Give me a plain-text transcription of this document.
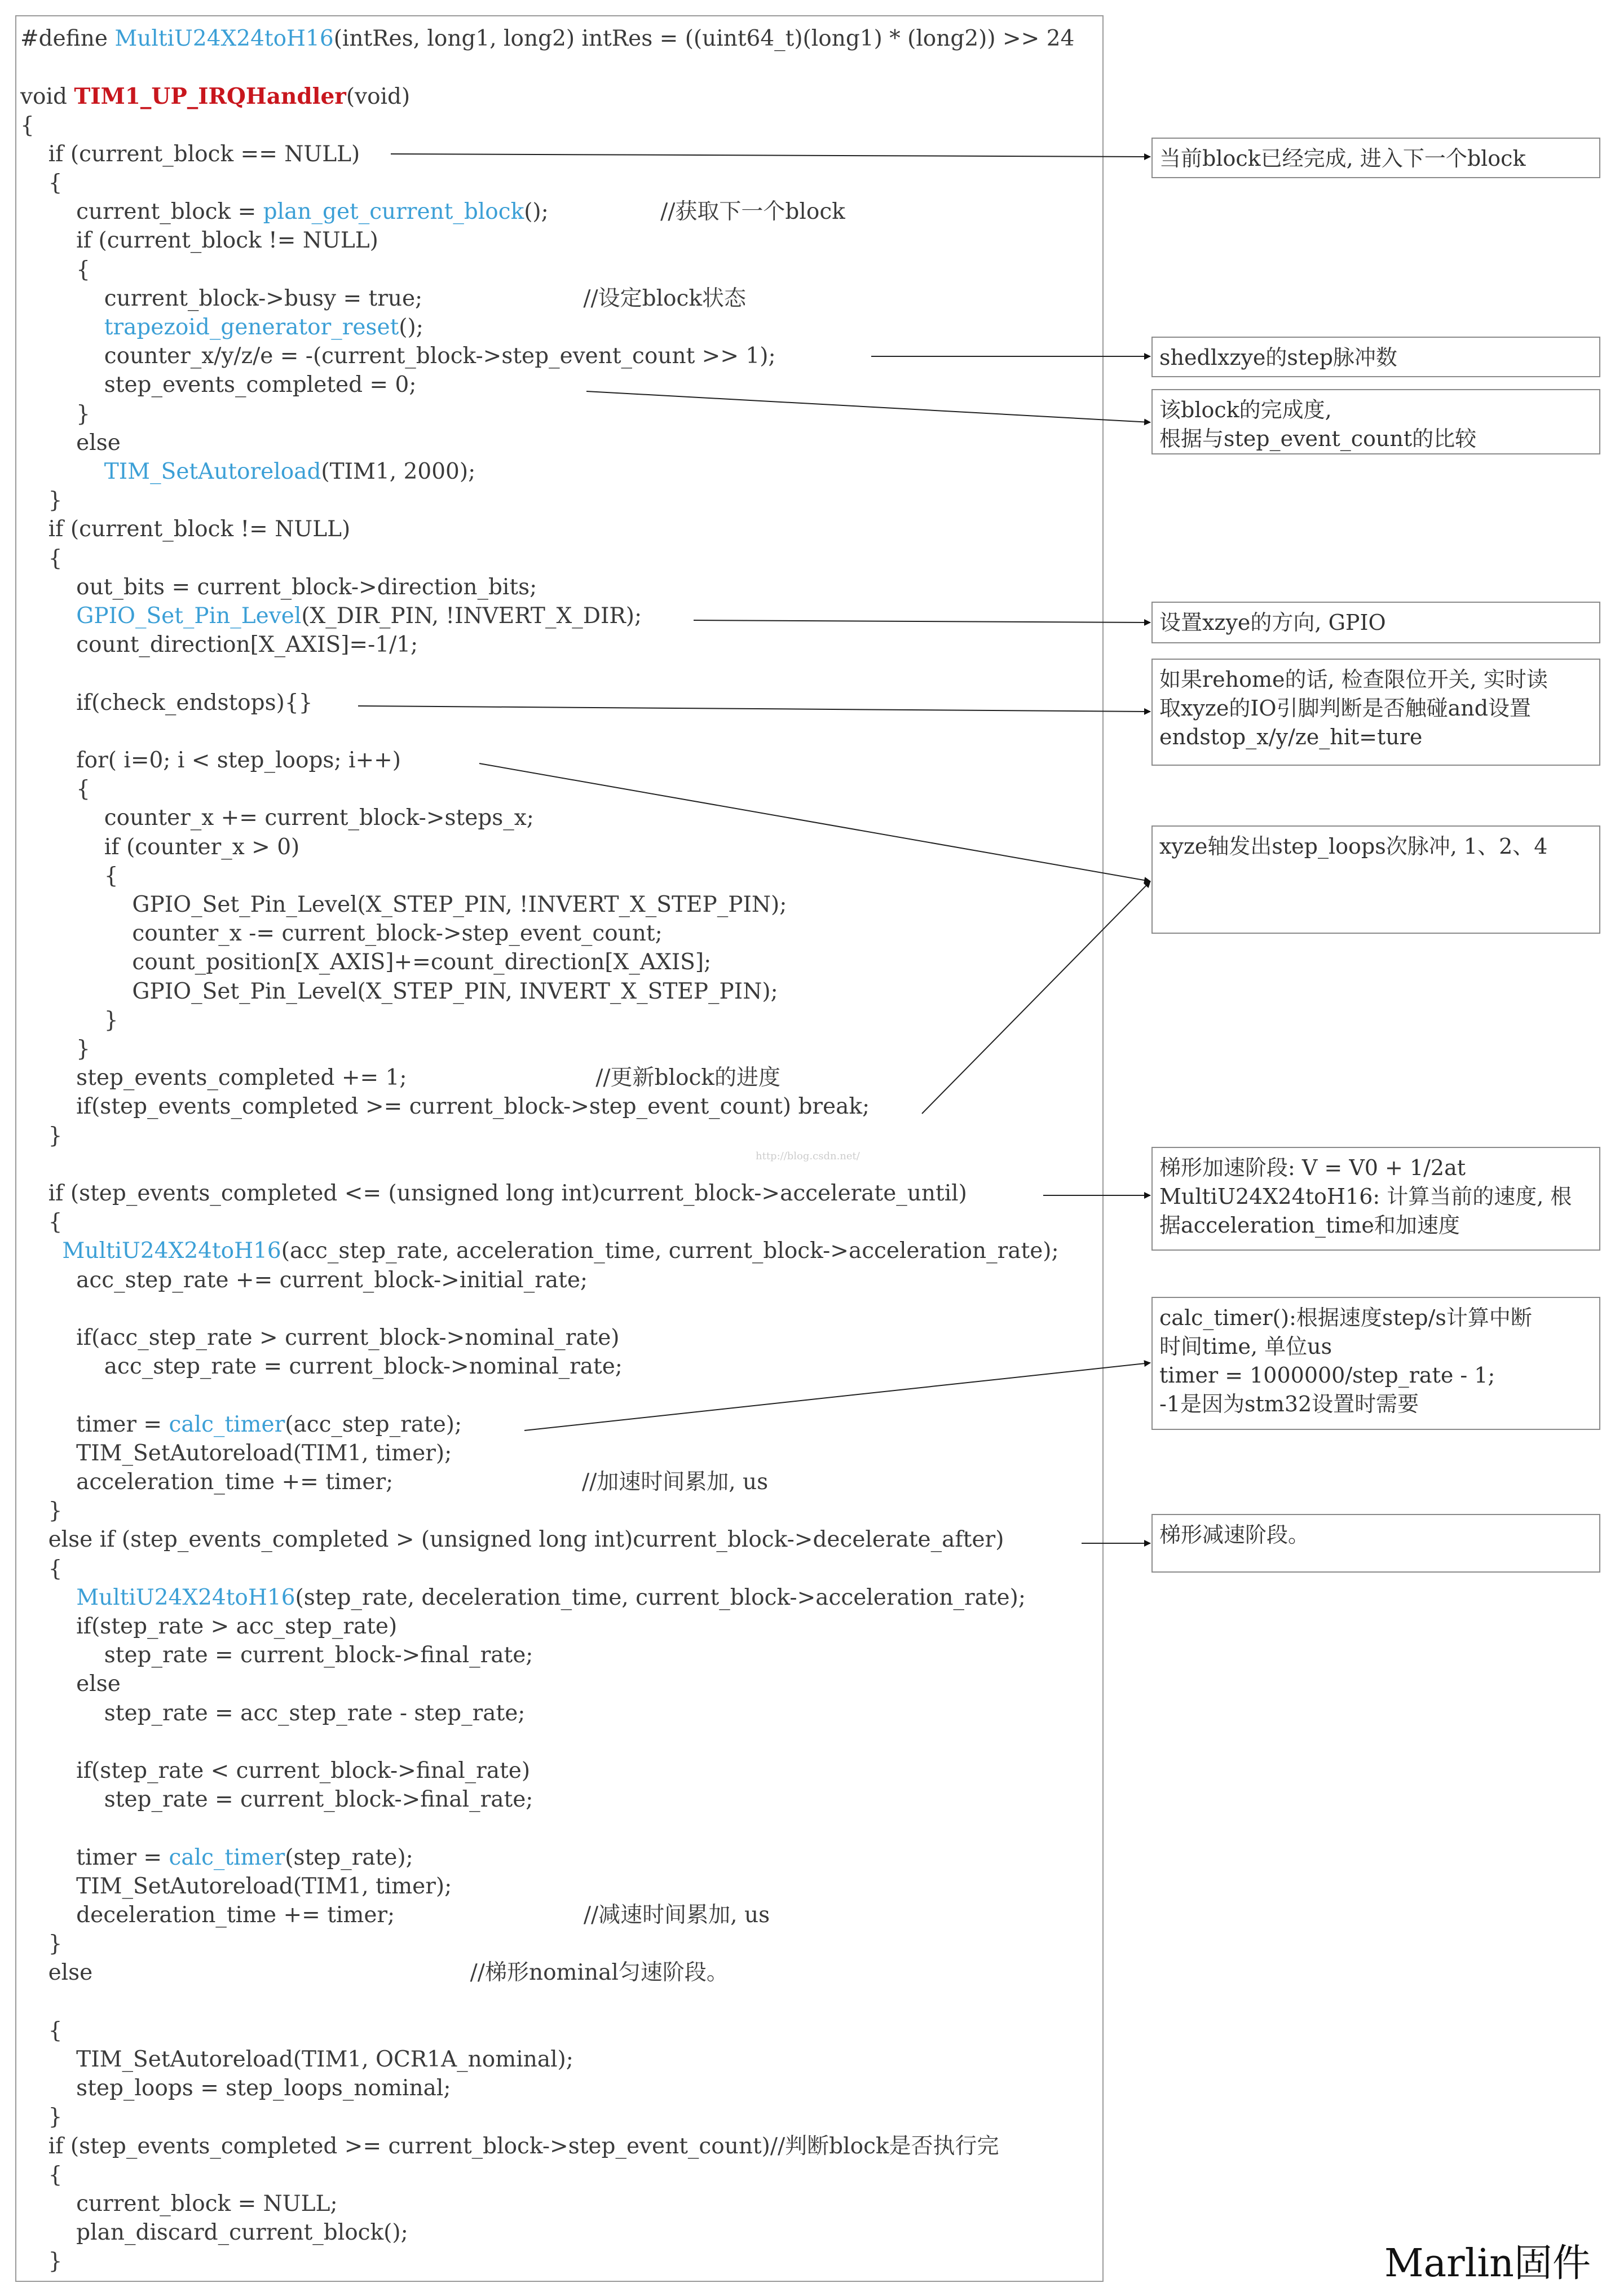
#define MultiU24X24toH16(intRes, long1, long2) intRes = ((uint64_t)(long1) * (long2)) >> 24
void TIM1_UP_IRQHandler(void)
{
if (current_block == NULL)
{
current_block = plan_get_current_block();                //获取下一个block
if (current_block != NULL)
{
current_block->busy = true;                       //设定block状态
trapezoid_generator_reset();
counter_x/y/z/e = -(current_block->step_event_count >> 1);
step_events_completed = 0;
}
else
TIM_SetAutoreload(TIM1, 2000);
}
if (current_block != NULL)
{
out_bits = current_block->direction_bits;
GPIO_Set_Pin_Level(X_DIR_PIN, !INVERT_X_DIR);
count_direction[X_AXIS]=-1/1;
if(check_endstops){}
for( i=0; i < step_loops; i++)
{
counter_x += current_block->steps_x;
if (counter_x > 0)
{
GPIO_Set_Pin_Level(X_STEP_PIN, !INVERT_X_STEP_PIN);
counter_x -= current_block->step_event_count;
count_position[X_AXIS]+=count_direction[X_AXIS];
GPIO_Set_Pin_Level(X_STEP_PIN, INVERT_X_STEP_PIN);
}
}
step_events_completed += 1;                           //更新block的进度
if(step_events_completed >= current_block->step_event_count) break;
}
if (step_events_completed <= (unsigned long int)current_block->accelerate_until)
{
MultiU24X24toH16(acc_step_rate, acceleration_time, current_block->acceleration_rate);
acc_step_rate += current_block->initial_rate;
if(acc_step_rate > current_block->nominal_rate)
acc_step_rate = current_block->nominal_rate;
timer = calc_timer(acc_step_rate);
TIM_SetAutoreload(TIM1, timer);
acceleration_time += timer;                           //加速时间累加, us
}
else if (step_events_completed > (unsigned long int)current_block->decelerate_after)
{
MultiU24X24toH16(step_rate, deceleration_time, current_block->acceleration_rate);
if(step_rate > acc_step_rate)
step_rate = current_block->final_rate;
else
step_rate = acc_step_rate - step_rate;
if(step_rate < current_block->final_rate)
step_rate = current_block->final_rate;
timer = calc_timer(step_rate);
TIM_SetAutoreload(TIM1, timer);
deceleration_time += timer;                           //减速时间累加, us
}
else                                                      //梯形nominal匀速阶段。
{
TIM_SetAutoreload(TIM1, OCR1A_nominal);
step_loops = step_loops_nominal;
}
if (step_events_completed >= current_block->step_event_count)//判断block是否执行完
{
current_block = NULL;
plan_discard_current_block();
}
当前block已经完成, 进入下一个block
shedlxzye的step脉冲数
该block的完成度,
根据与step_event_count的比较
设置xzye的方向, GPIO
如果rehome的话, 检查限位开关, 实时读
取xyze的IO引脚判断是否触碰and设置
endstop_x/y/ze_hit=ture
xyze轴发出step_loops次脉冲, 1、2、4
梯形加速阶段: V = V0 + 1/2at
MultiU24X24toH16: 计算当前的速度, 根
据acceleration_time和加速度
calc_timer():根据速度step/s计算中断
时间time, 单位us
timer = 1000000/step_rate - 1;
-1是因为stm32设置时需要
梯形减速阶段。
http://blog.csdn.net/
Marlin固件
